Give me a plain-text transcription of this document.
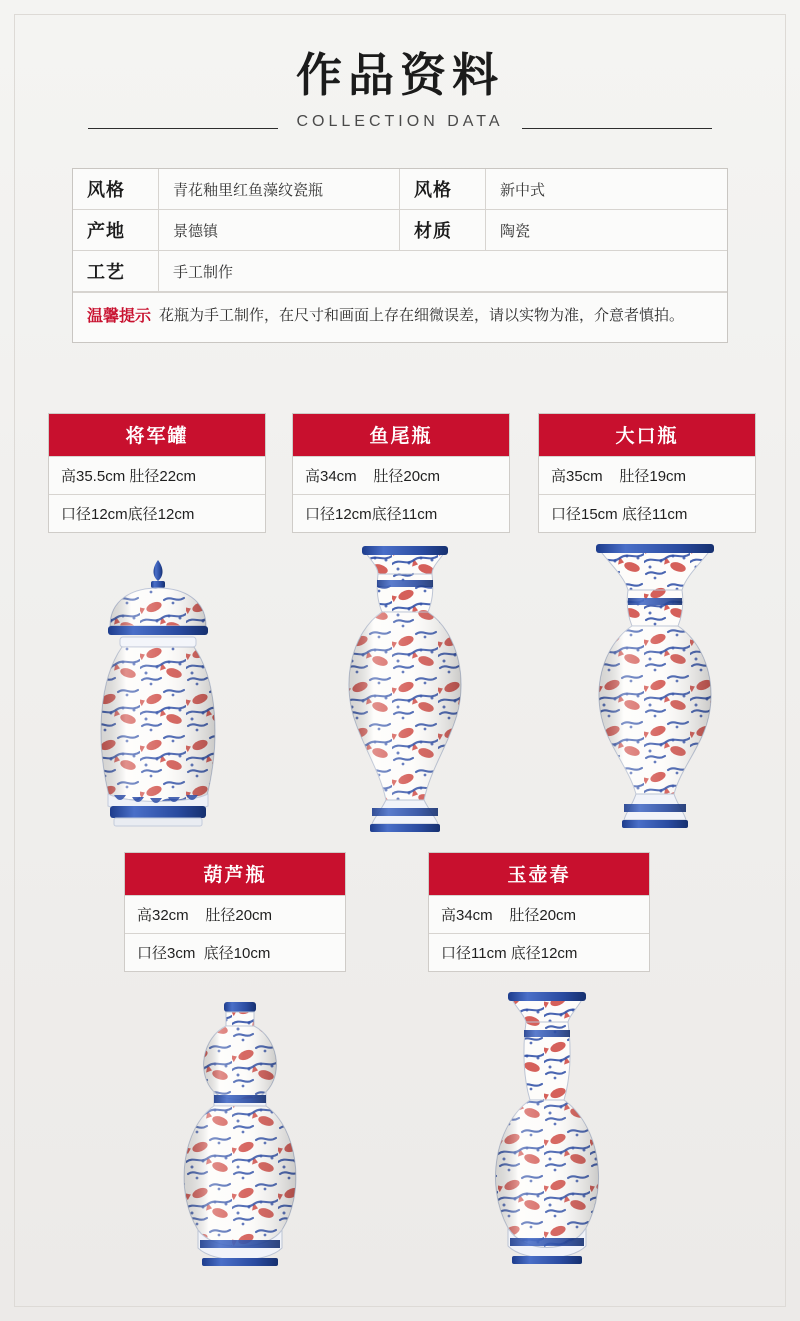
作品资料
COLLECTION DATA
风格	青花釉里红鱼藻纹瓷瓶	风格	新中式
产地	景德镇	材质	陶瓷
工艺	手工制作
温馨提示 花瓶为手工制作，在尺寸和画面上存在细微误差，请以实物为准，介意者慎拍。
将军罐
高35.5cm 肚径22cm
口径12cm底径12cm
鱼尾瓶
高34cm    肚径20cm
口径12cm底径11cm
大口瓶
高35cm    肚径19cm
口径15cm 底径11cm
葫芦瓶
高32cm    肚径20cm
口径3cm  底径10cm
玉壶春
高34cm    肚径20cm
口径11cm 底径12cm
